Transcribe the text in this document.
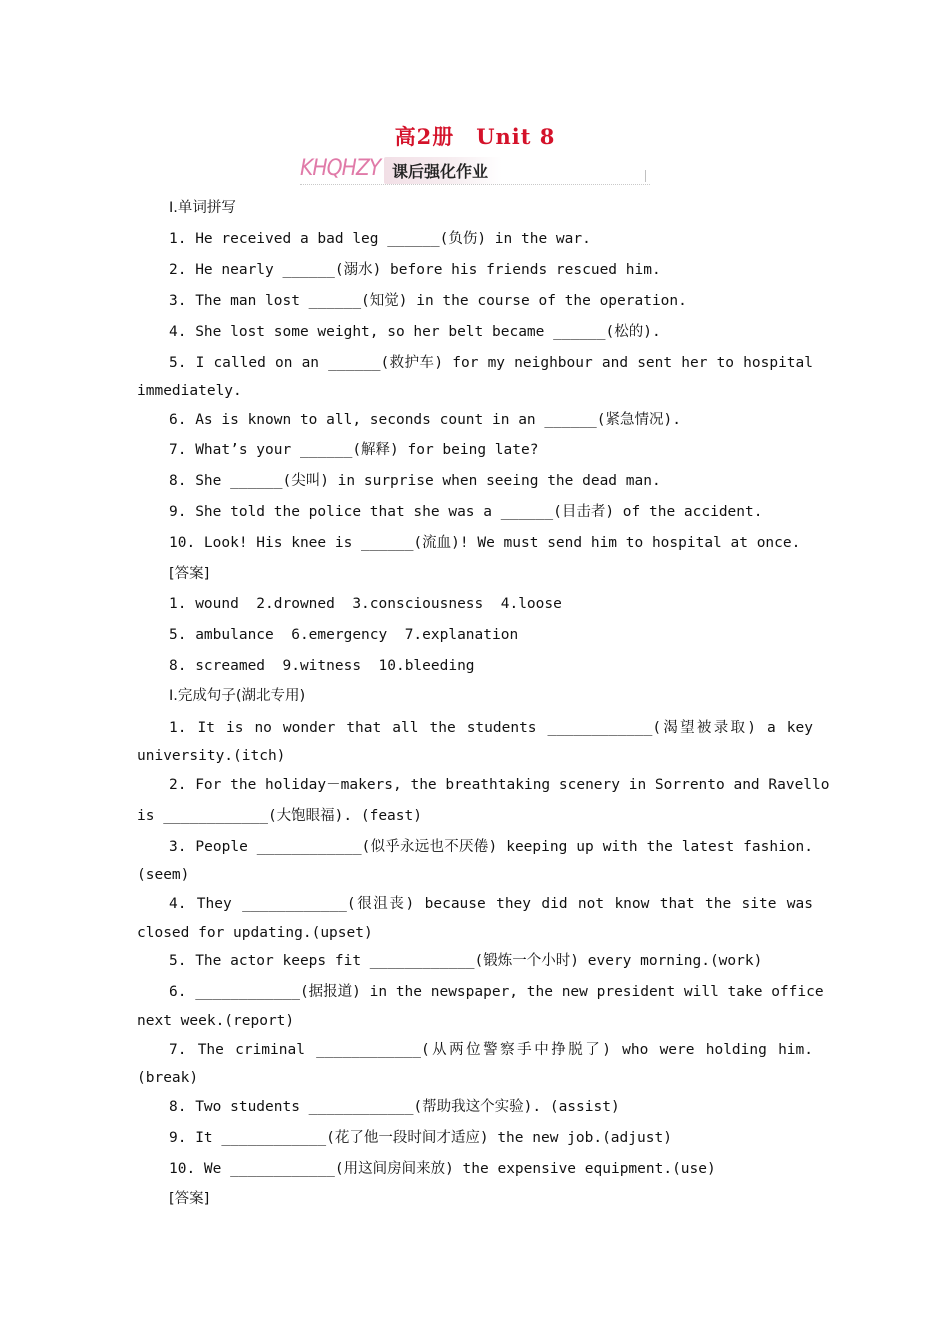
高2册　Unit 8
KHQHZY 课后强化作业
Ⅰ.单词拼写
1. He received a bad leg ______(负伤) in the war.
2. He nearly ______(溺水) before his friends rescued him.
3. The man lost ______(知觉) in the course of the operation.
4. She lost some weight, so her belt became ______(松的).
5. I called on an ______(救护车) for my neighbour and sent her to hospital
immediately.
6. As is known to all, seconds count in an ______(紧急情况).
7. What’s your ______(解释) for being late?
8. She ______(尖叫) in surprise when seeing the dead man.
9. She told the police that she was a ______(目击者) of the accident.
10. Look! His knee is ______(流血)! We must send him to hospital at once.
[答案]
1. wound  2.drowned  3.consciousness  4.loose
5. ambulance  6.emergency  7.explanation
8. screamed  9.witness  10.bleeding
Ⅰ.完成句子(湖北专用)
1. It is no wonder that all the students ____________(渴望被录取) a key
university.(itch)
2. For the holiday－makers, the breathtaking scenery in Sorrento and Ravello
is ____________(大饱眼福). (feast)
3. People ____________(似乎永远也不厌倦) keeping up with the latest fashion.
(seem)
4. They ____________(很沮丧) because they did not know that the site was
closed for updating.(upset)
5. The actor keeps fit ____________(锻炼一个小时) every morning.(work)
6. ____________(据报道) in the newspaper, the new president will take office
next week.(report)
7. The criminal ____________(从两位警察手中挣脱了) who were holding him.
(break)
8. Two students ____________(帮助我这个实验). (assist)
9. It ____________(花了他一段时间才适应) the new job.(adjust)
10. We ____________(用这间房间来放) the expensive equipment.(use)
[答案]
